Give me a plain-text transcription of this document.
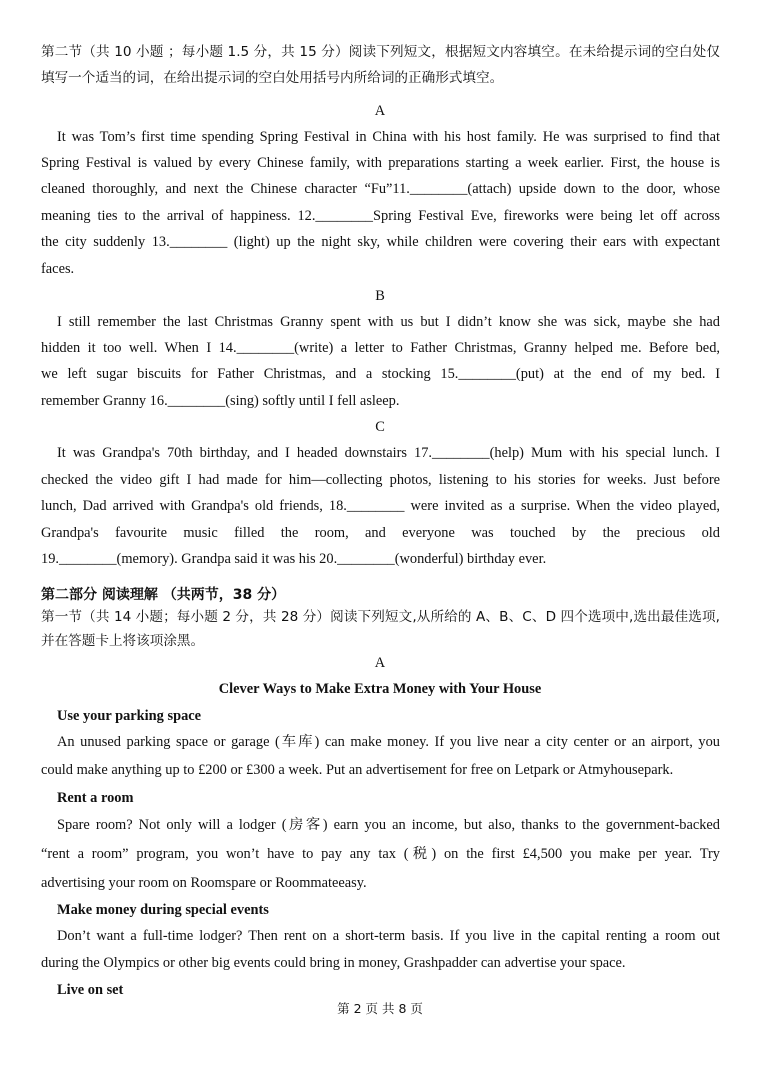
第二节（共 10 小题 ；每小题 1.5 分，共 15 分）阅读下列短文，根据短文内容填空。在未给提示词的空白处仅填写一个适当的词，在给出提示词的空白处用括号内所给词的正确形式填空。

A

It was Tom’s first time spending Spring Festival in China with his host family. He was surprised to find that

Spring Festival is valued by every Chinese family, with preparations starting a week earlier. First, the house is

cleaned thoroughly, and next the Chinese character “Fu”11.________(attach) upside down to the door, whose

meaning ties to the arrival of happiness. 12.________Spring Festival Eve, fireworks were being let off across

the city suddenly 13.________ (light) up the night sky, while children were covering their ears with expectant

faces.

B

I still remember the last Christmas Granny spent with us but I didn’t know she was sick, maybe she had

hidden it too well. When I 14.________(write) a letter to Father Christmas, Granny helped me. Before bed,

we left sugar biscuits for Father Christmas, and a stocking 15.________(put) at the end of my bed. I

remember Granny 16.________(sing) softly until I fell asleep.

C

It was Grandpa's 70th birthday, and I headed downstairs 17.________(help) Mum with his special lunch. I

checked the video gift I had made for him—collecting photos, listening to his stories for weeks. Just before

lunch, Dad arrived with Grandpa's old friends, 18.________ were invited as a surprise. When the video played,

Grandpa's favourite music filled the room, and everyone was touched by the precious old

19.________(memory). Grandpa said it was his 20.________(wonderful) birthday ever.

第二部分 阅读理解 （共两节，38 分）

第一节（共 14 小题；每小题 2 分，共 28 分）阅读下列短文,从所给的 A、B、C、D 四个选项中,选出最佳选项,并在答题卡上将该项涂黑。

A

Clever Ways to Make Extra Money with Your House

Use your parking space

An unused parking space or garage (车库) can make money. If you live near a city center or an airport, you

could make anything up to £200 or £300 a week. Put an advertisement for free on Letpark or Atmyhousepark.

Rent a room

Spare room? Not only will a lodger (房客) earn you an income, but also, thanks to the government-backed

“rent a room” program, you won’t have to pay any tax (税) on the first £4,500 you make per year. Try

advertising your room on Roomspare or Roommateeasy.

Make money during special events

Don’t want a full-time lodger? Then rent on a short-term basis. If you live in the capital renting a room out

during the Olympics or other big events could bring in money, Grashpadder can advertise your space.

Live on set

第 2 页 共 8 页
